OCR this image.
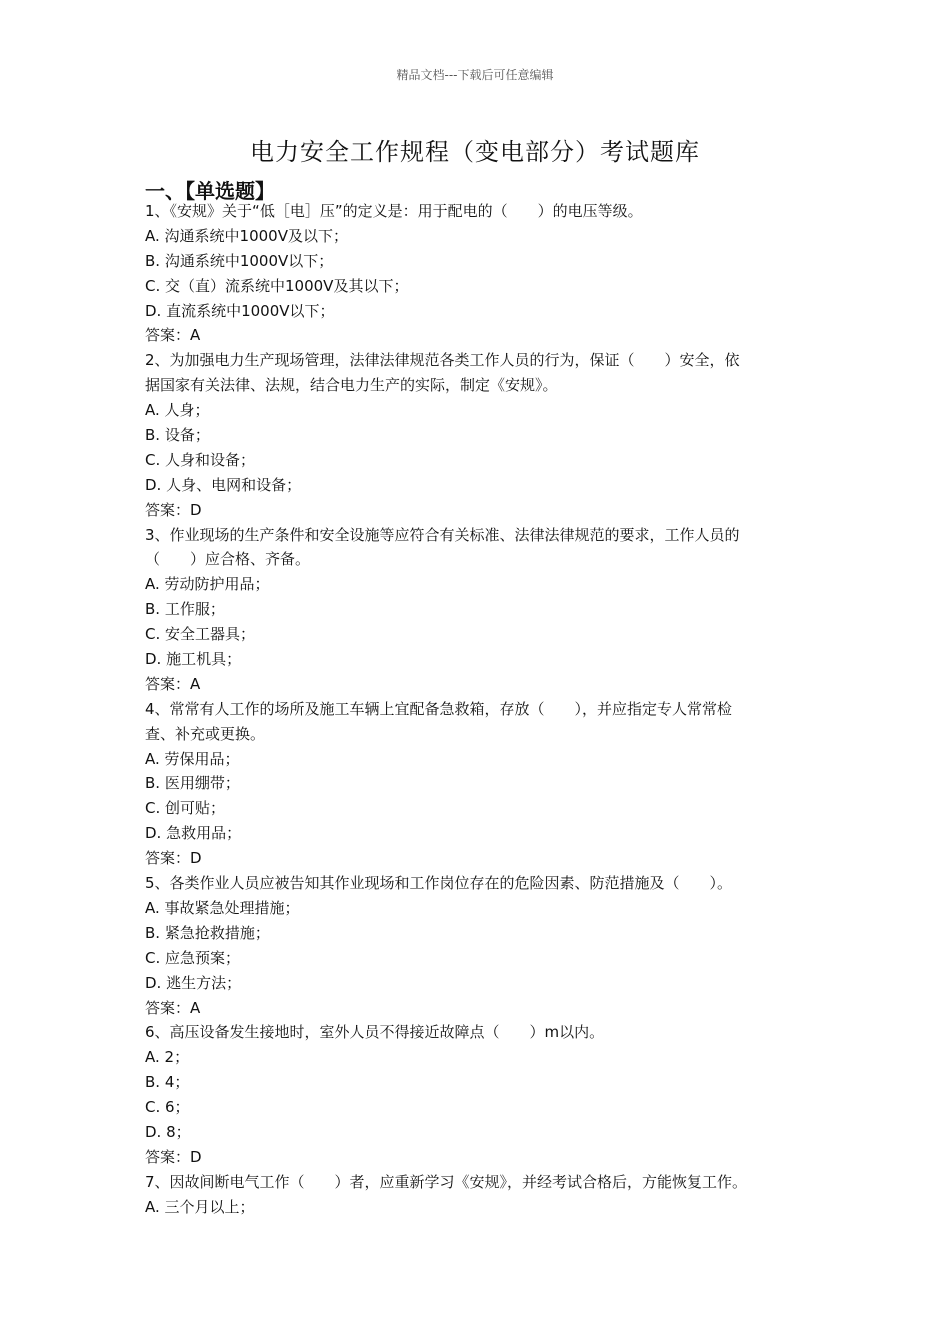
精品文档---下载后可任意编辑
电力安全工作规程（变电部分）考试题库
一、【单选题】
1、《安规》关于“低［电］压”的定义是：用于配电的（　　）的电压等级。
A. 沟通系统中1000V及以下；
B. 沟通系统中1000V以下；
C. 交（直）流系统中1000V及其以下；
D. 直流系统中1000V以下；
答案：A
2、为加强电力生产现场管理，法律法律规范各类工作人员的行为，保证（　　）安全，依
据国家有关法律、法规，结合电力生产的实际，制定《安规》。
A. 人身；
B. 设备；
C. 人身和设备；
D. 人身、电网和设备；
答案：D
3、作业现场的生产条件和安全设施等应符合有关标准、法律法律规范的要求，工作人员的
（　　）应合格、齐备。
A. 劳动防护用品；
B. 工作服；
C. 安全工器具；
D. 施工机具；
答案：A
4、常常有人工作的场所及施工车辆上宜配备急救箱，存放（　　），并应指定专人常常检
查、补充或更换。
A. 劳保用品；
B. 医用绷带；
C. 创可贴；
D. 急救用品；
答案：D
5、各类作业人员应被告知其作业现场和工作岗位存在的危险因素、防范措施及（　　）。
A. 事故紧急处理措施；
B. 紧急抢救措施；
C. 应急预案；
D. 逃生方法；
答案：A
6、高压设备发生接地时，室外人员不得接近故障点（　　）m以内。
A. 2；
B. 4；
C. 6；
D. 8；
答案：D
7、因故间断电气工作（　　）者，应重新学习《安规》，并经考试合格后，方能恢复工作。
A. 三个月以上；
